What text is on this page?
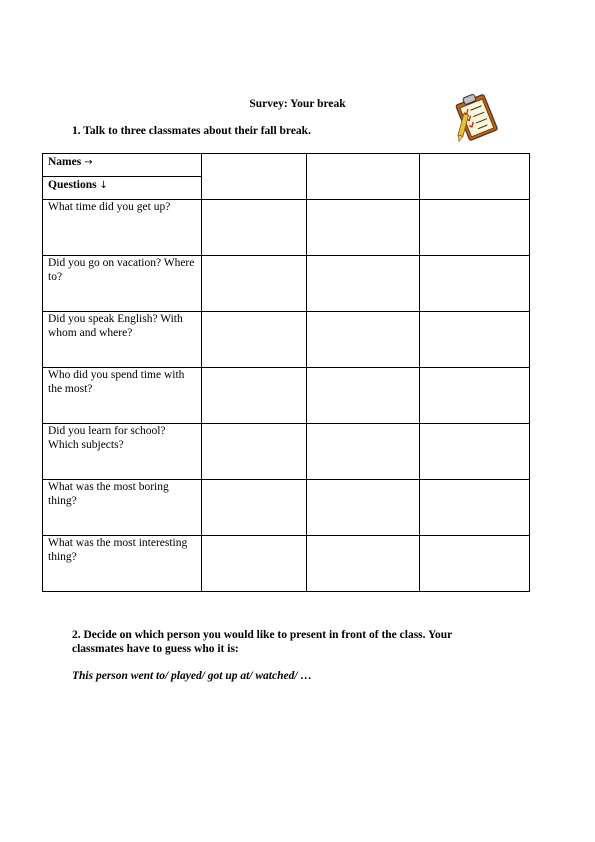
Survey: Your break
1. Talk to three classmates about their fall break.
Names →			
Questions ↓			
What time did you get up?			
Did you go on vacation? Where to?			
Did you speak English? With whom and where?			
Who did you spend time with the most?			
Did you learn for school? Which subjects?			
What was the most boring thing?			
What was the most interesting thing?			
2. Decide on which person you would like to present in front of the class. Your classmates have to guess who it is:
This person went to/ played/ got up at/ watched/ …
